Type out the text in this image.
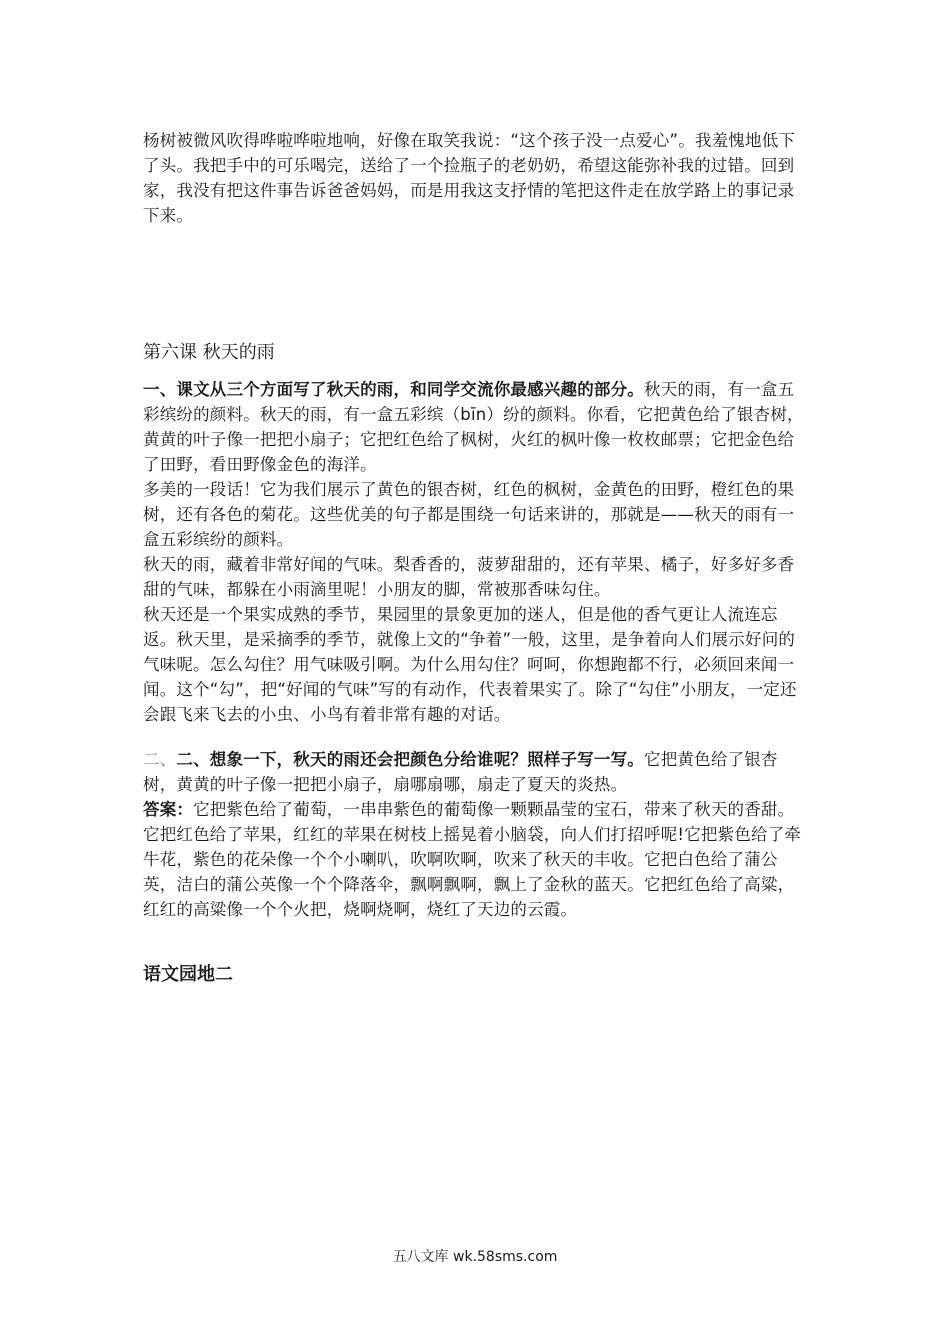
杨树被微风吹得哗啦哗啦地响，好像在取笑我说：“这个孩子没一点爱心”。我羞愧地低下了头。我把手中的可乐喝完，送给了一个捡瓶子的老奶奶，希望这能弥补我的过错。回到家，我没有把这件事告诉爸爸妈妈，而是用我这支抒情的笔把这件走在放学路上的事记录下来。

第六课 秋天的雨

一、课文从三个方面写了秋天的雨，和同学交流你最感兴趣的部分。秋天的雨，有一盒五彩缤纷的颜料。秋天的雨，有一盒五彩缤（bīn）纷的颜料。你看，它把黄色给了银杏树，黄黄的叶子像一把把小扇子；它把红色给了枫树，火红的枫叶像一枚枚邮票；它把金色给了田野，看田野像金色的海洋。

多美的一段话！它为我们展示了黄色的银杏树，红色的枫树，金黄色的田野，橙红色的果树，还有各色的菊花。这些优美的句子都是围绕一句话来讲的，那就是——秋天的雨有一盒五彩缤纷的颜料。

秋天的雨，藏着非常好闻的气味。梨香香的，菠萝甜甜的，还有苹果、橘子，好多好多香甜的气味，都躲在小雨滴里呢！小朋友的脚，常被那香味勾住。

秋天还是一个果实成熟的季节，果园里的景象更加的迷人，但是他的香气更让人流连忘返。秋天里，是采摘季的季节，就像上文的“争着”一般，这里，是争着向人们展示好问的气味呢。怎么勾住？用气味吸引啊。为什么用勾住？呵呵，你想跑都不行，必须回来闻一闻。这个“勾”，把“好闻的气味”写的有动作，代表着果实了。除了“勾住”小朋友，一定还会跟飞来飞去的小虫、小鸟有着非常有趣的对话。

二、二、想象一下，秋天的雨还会把颜色分给谁呢？照样子写一写。它把黄色给了银杏树，黄黄的叶子像一把把小扇子，扇哪扇哪，扇走了夏天的炎热。

答案：它把紫色给了葡萄，一串串紫色的葡萄像一颗颗晶莹的宝石，带来了秋天的香甜。它把红色给了苹果，红红的苹果在树枝上摇晃着小脑袋，向人们打招呼呢!它把紫色给了牵牛花，紫色的花朵像一个个小喇叭，吹啊吹啊，吹来了秋天的丰收。它把白色给了蒲公英，洁白的蒲公英像一个个降落伞，飘啊飘啊，飘上了金秋的蓝天。它把红色给了高粱，红红的高粱像一个个火把，烧啊烧啊，烧红了天边的云霞。

语文园地二
五八文库 wk.58sms.com
